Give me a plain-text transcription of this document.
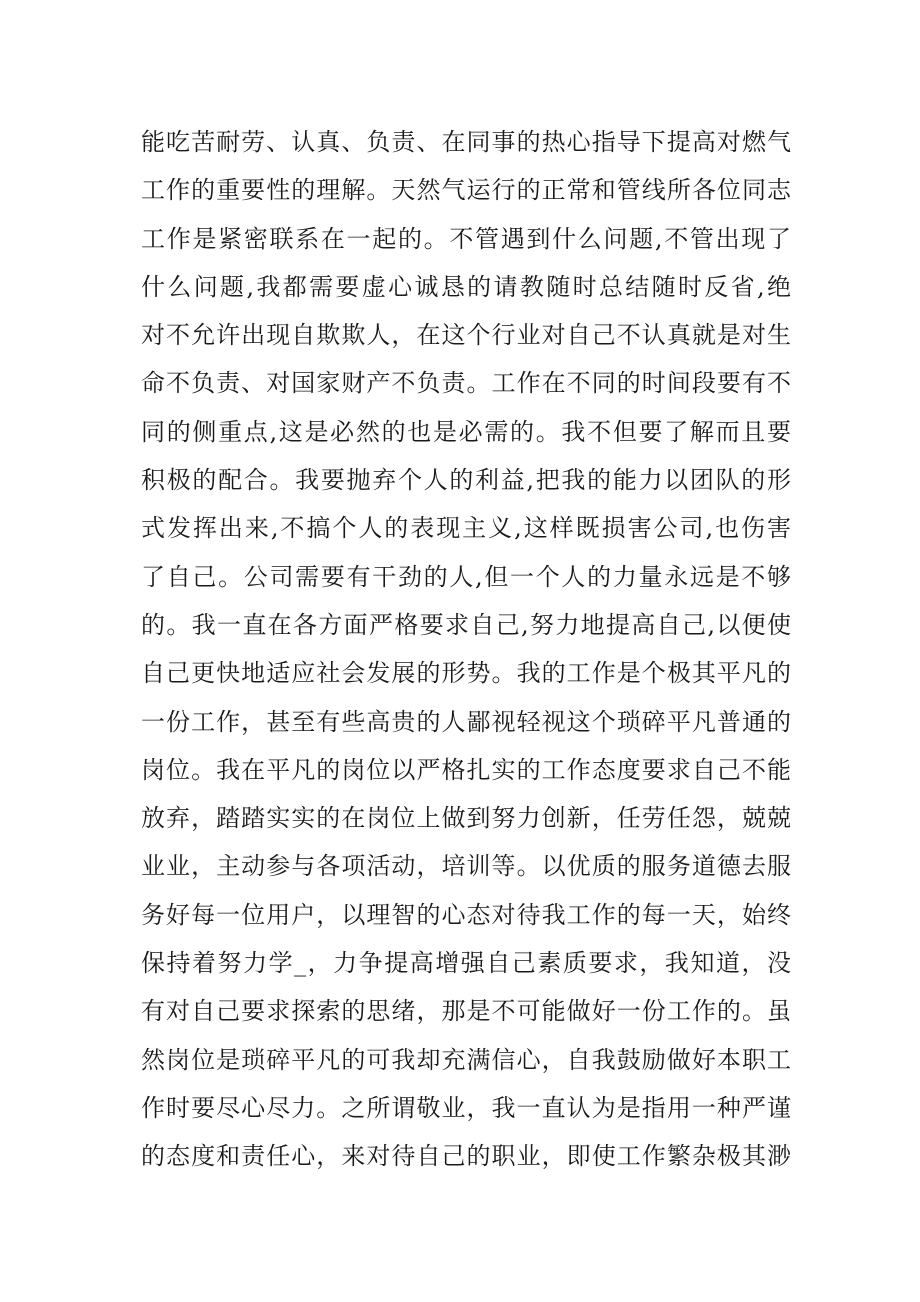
能吃苦耐劳、认真、负责、在同事的热心指导下提高对燃气
工作的重要性的理解。天然气运行的正常和管线所各位同志
工作是紧密联系在一起的。不管遇到什么问题,不管出现了
什么问题,我都需要虚心诚恳的请教随时总结随时反省,绝
对不允许出现自欺欺人，在这个行业对自己不认真就是对生
命不负责、对国家财产不负责。工作在不同的时间段要有不
同的侧重点,这是必然的也是必需的。我不但要了解而且要
积极的配合。我要抛弃个人的利益,把我的能力以团队的形
式发挥出来,不搞个人的表现主义,这样既损害公司,也伤害
了自己。公司需要有干劲的人,但一个人的力量永远是不够
的。我一直在各方面严格要求自己,努力地提高自己,以便使
自己更快地适应社会发展的形势。我的工作是个极其平凡的
一份工作，甚至有些高贵的人鄙视轻视这个琐碎平凡普通的
岗位。我在平凡的岗位以严格扎实的工作态度要求自己不能
放弃，踏踏实实的在岗位上做到努力创新，任劳任怨，兢兢
业业，主动参与各项活动，培训等。以优质的服务道德去服
务好每一位用户，以理智的心态对待我工作的每一天，始终
保持着努力学_，力争提高增强自己素质要求，我知道，没
有对自己要求探索的思绪，那是不可能做好一份工作的。虽
然岗位是琐碎平凡的可我却充满信心，自我鼓励做好本职工
作时要尽心尽力。之所谓敬业，我一直认为是指用一种严谨
的态度和责任心，来对待自己的职业，即使工作繁杂极其渺
